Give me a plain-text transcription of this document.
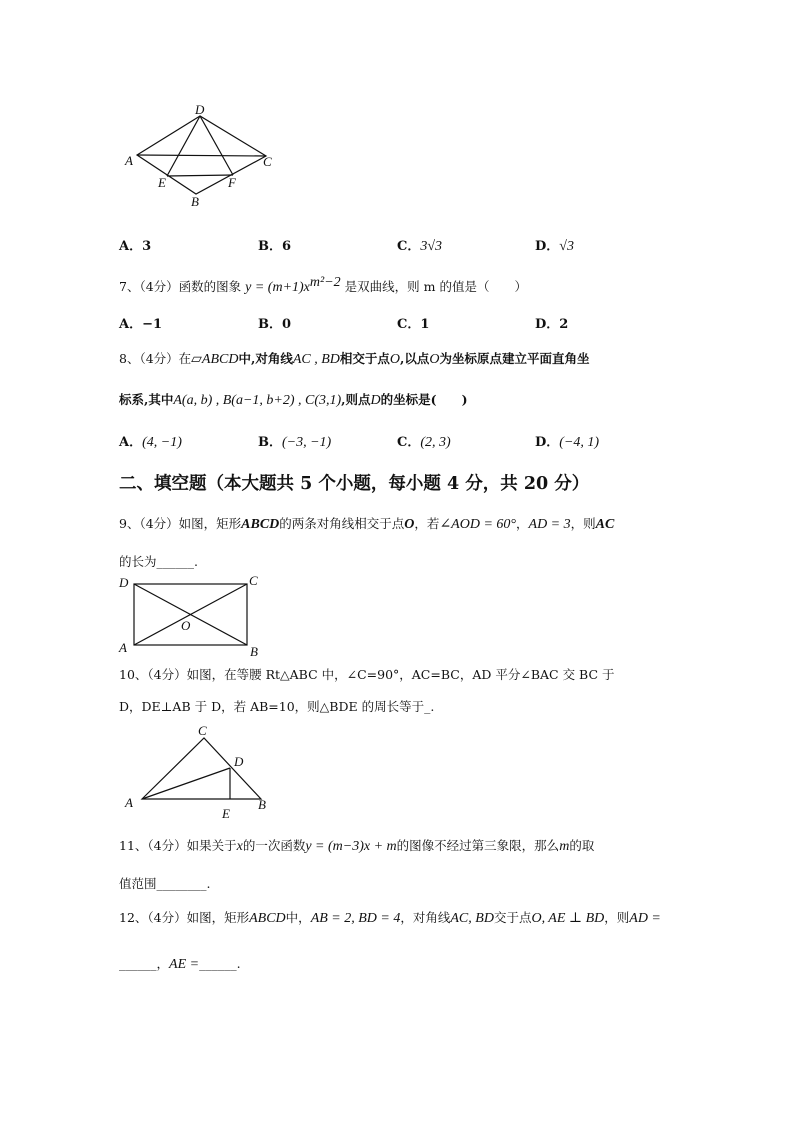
D
A	C
E	F
B
A．3	B．6	C．3√3	D．√3
7、（4分）函数的图象 $y = (m+1)x^{m^2-2}$ 是双曲线，则 m 的值是（　　）
A．−1	B．0	C．1	D．2
8、（4分）在▱ABCD中,对角线AC , BD相交于点O,以点O为坐标原点建立平面直角坐
标系,其中A(a, b) , B(a−1, b+2) , C(3,1),则点D的坐标是(　　)
A．(4, −1)	B．(−3, −1)	C．(2, 3)	D．(−4, 1)
二、填空题（本大题共 5 个小题，每小题 4 分，共 20 分）
9、（4分）如图，矩形ABCD的两条对角线相交于点O，若∠AOD = 60°，AD = 3，则AC
的长为______.
D	C
A	B
O
10、（4分）如图，在等腰 Rt△ABC 中，∠C=90°，AC=BC，AD 平分∠BAC 交 BC 于
D，DE⊥AB 于 D，若 AB=10，则△BDE 的周长等于_.
C
D
A
E
B
11、（4分）如果关于x的一次函数y = (m−3)x + m的图像不经过第三象限，那么m的取
值范围________.
12、（4分）如图，矩形ABCD中，AB = 2, BD = 4，对角线AC, BD交于点O, AE ⊥ BD，则AD =
______，AE =______.
